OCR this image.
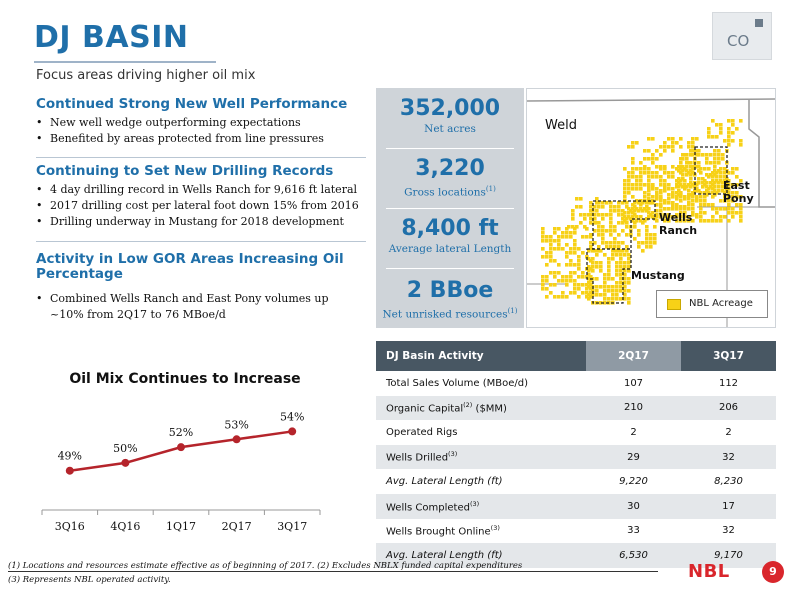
DJ BASIN
Focus areas driving higher oil mix
CO
Continued Strong New Well Performance
• New well wedge outperforming expectations
• Benefited by areas protected from line pressures
Continuing to Set New Drilling Records
• 4 day drilling record in Wells Ranch for 9,616 ft lateral
• 2017 drilling cost per lateral foot down 15% from 2016
• Drilling underway in Mustang for 2018 development
Activity in Low GOR Areas Increasing Oil
Percentage
• Combined Wells Ranch and East Pony volumes up
~10% from 2Q17 to 76 MBoe/d
Oil Mix Continues to Increase
49%
3Q16
50%
4Q16
52%
1Q17
53%
2Q17
54%
3Q17
352,000
Net acres
3,220
Gross locations$^{(1)}$
8,400 ft
Average lateral Length
2 BBoe
Net unrisked resources$^{(1)}$
Weld
East
Pony
Wells
Ranch
Mustang
NBL Acreage
DJ Basin Activity	2Q17	3Q17
Total Sales Volume (MBoe/d)	107	112
Organic Capital$^{(2)}$ ($MM)	210	206
Operated Rigs	2	2
Wells Drilled$^{(3)}$	29	32
Avg. Lateral Length (ft)	9,220	8,230
Wells Completed$^{(3)}$	30	17
Wells Brought Online$^{(3)}$	33	32
Avg. Lateral Length (ft)	6,530	9,170
(1) Locations and resources estimate effective as of beginning of 2017. (2) Excludes NBLX funded capital expenditures
(3) Represents NBL operated activity.	NBL	9
